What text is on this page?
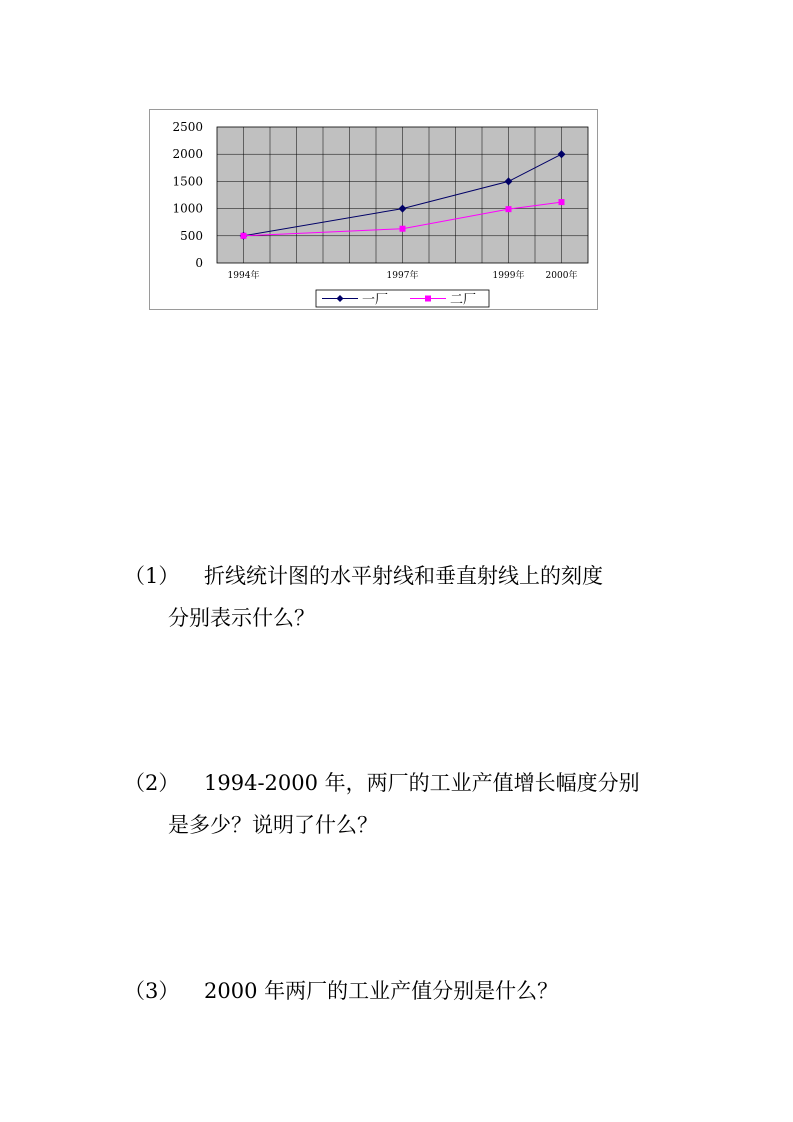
0
500
1000
1500
2000
2500
1994年	1997年	1999年 2000年
一厂	二厂
（1） 折线统计图的水平射线和垂直射线上的刻度
分别表示什么？
（2） 1994-2000 年，两厂的工业产值增长幅度分别
是多少？说明了什么？
（3） 2000 年两厂的工业产值分别是什么？
